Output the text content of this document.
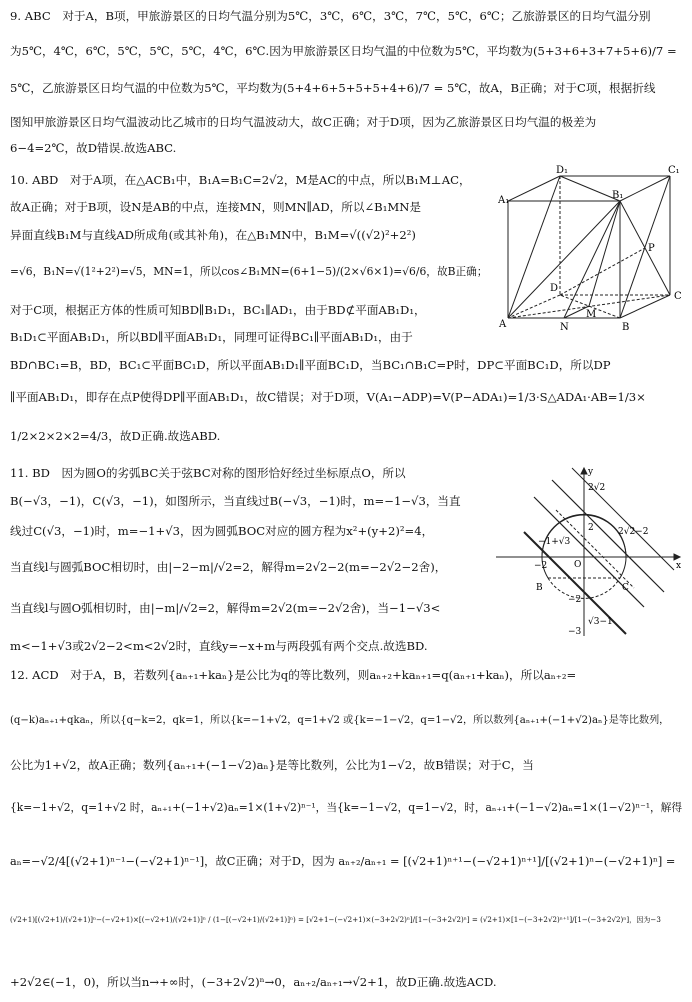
9. ABC　对于A，B项，甲旅游景区的日均气温分别为5℃，3℃，6℃，3℃，7℃，5℃，6℃；乙旅游景区的日均气温分别
为5℃，4℃，6℃，5℃，5℃，5℃，4℃，6℃.因为甲旅游景区日均气温的中位数为5℃，平均数为(5+3+6+3+7+5+6)/7 =
5℃，乙旅游景区日均气温的中位数为5℃，平均数为(5+4+6+5+5+5+4+6)/7 = 5℃，故A，B正确；对于C项，根据折线
图知甲旅游景区日均气温波动比乙城市的日均气温波动大，故C正确；对于D项，因为乙旅游景区日均气温的极差为
6−4=2℃，故D错误.故选ABC.
10. ABD　对于A项，在△ACB₁中，B₁A=B₁C=2√2，M是AC的中点，所以B₁M⊥AC，
故A正确；对于B项，设N是AB的中点，连接MN，则MN∥AD，所以∠B₁MN是
异面直线B₁M与直线AD所成角(或其补角)，在△B₁MN中，B₁M=√((√2)²+2²)
=√6，B₁N=√(1²+2²)=√5，MN=1，所以cos∠B₁MN=(6+1−5)/(2×√6×1)=√6/6，故B正确；
对于C项，根据正方体的性质可知BD∥B₁D₁，BC₁∥AD₁，由于BD⊄平面AB₁D₁，
B₁D₁⊂平面AB₁D₁，所以BD∥平面AB₁D₁，同理可证得BC₁∥平面AB₁D₁，由于
BD∩BC₁=B，BD，BC₁⊂平面BC₁D，所以平面AB₁D₁∥平面BC₁D，当BC₁∩B₁C=P时，DP⊂平面BC₁D，所以DP
∥平面AB₁D₁，即存在点P使得DP∥平面AB₁D₁，故C错误；对于D项，V(A₁−ADP)=V(P−ADA₁)=1/3·S△ADA₁·AB=1/3×
1/2×2×2×2=4/3，故D正确.故选ABD.
D₁	C₁
A₁	B₁
P
D
C
A	N
M
B
11. BD　因为圆O的劣弧BC关于弦BC对称的图形恰好经过坐标原点O，所以
B(−√3，−1)，C(√3，−1)，如图所示，当直线过B(−√3，−1)时，m=−1−√3，当直
线过C(√3，−1)时，m=−1+√3，因为圆弧BOC对应的圆方程为x²+(y+2)²=4，
当直线l与圆弧BOC相切时，由|−2−m|/√2=2，解得m=2√2−2(m=−2√2−2舍)，
当直线l与圆O弧相切时，由|−m|/√2=2，解得m=2√2(m=−2√2舍)，当−1−√3<
m<−1+√3或2√2−2<m<2√2时，直线y=−x+m与两段弧有两个交点.故选BD.
y
2√2
−1+√3
2√2−2
2
O	x
−2
B	C
−2
√3−1
−3
12. ACD　对于A，B，若数列{aₙ₊₁+kaₙ}是公比为q的等比数列，则aₙ₊₂+kaₙ₊₁=q(aₙ₊₁+kaₙ)，所以aₙ₊₂=
(q−k)aₙ₊₁+qkaₙ，所以{q−k=2，qk=1，所以{k=−1+√2，q=1+√2 或{k=−1−√2，q=1−√2，所以数列{aₙ₊₁+(−1+√2)aₙ}是等比数列，
公比为1+√2，故A正确；数列{aₙ₊₁+(−1−√2)aₙ}是等比数列，公比为1−√2，故B错误；对于C，当
{k=−1+√2，q=1+√2 时，aₙ₊₁+(−1+√2)aₙ=1×(1+√2)ⁿ⁻¹，当{k=−1−√2，q=1−√2，时，aₙ₊₁+(−1−√2)aₙ=1×(1−√2)ⁿ⁻¹，解得
aₙ=−√2/4[(√2+1)ⁿ⁻¹−(−√2+1)ⁿ⁻¹]，故C正确；对于D，因为 aₙ₊₂/aₙ₊₁ = [(√2+1)ⁿ⁺¹−(−√2+1)ⁿ⁺¹]/[(√2+1)ⁿ−(−√2+1)ⁿ] =
(√2+1)[(√2+1)/(√2+1)]ⁿ−(−√2+1)×[(−√2+1)/(√2+1)]ⁿ / (1−[(−√2+1)/(√2+1)]ⁿ) = [√2+1−(−√2+1)×(−3+2√2)ⁿ]/[1−(−3+2√2)ⁿ] = (√2+1)×[1−(−3+2√2)ⁿ⁺¹]/[1−(−3+2√2)ⁿ]，因为−3
+2√2∈(−1，0)，所以当n→+∞时，(−3+2√2)ⁿ→0，aₙ₊₂/aₙ₊₁→√2+1，故D正确.故选ACD.
